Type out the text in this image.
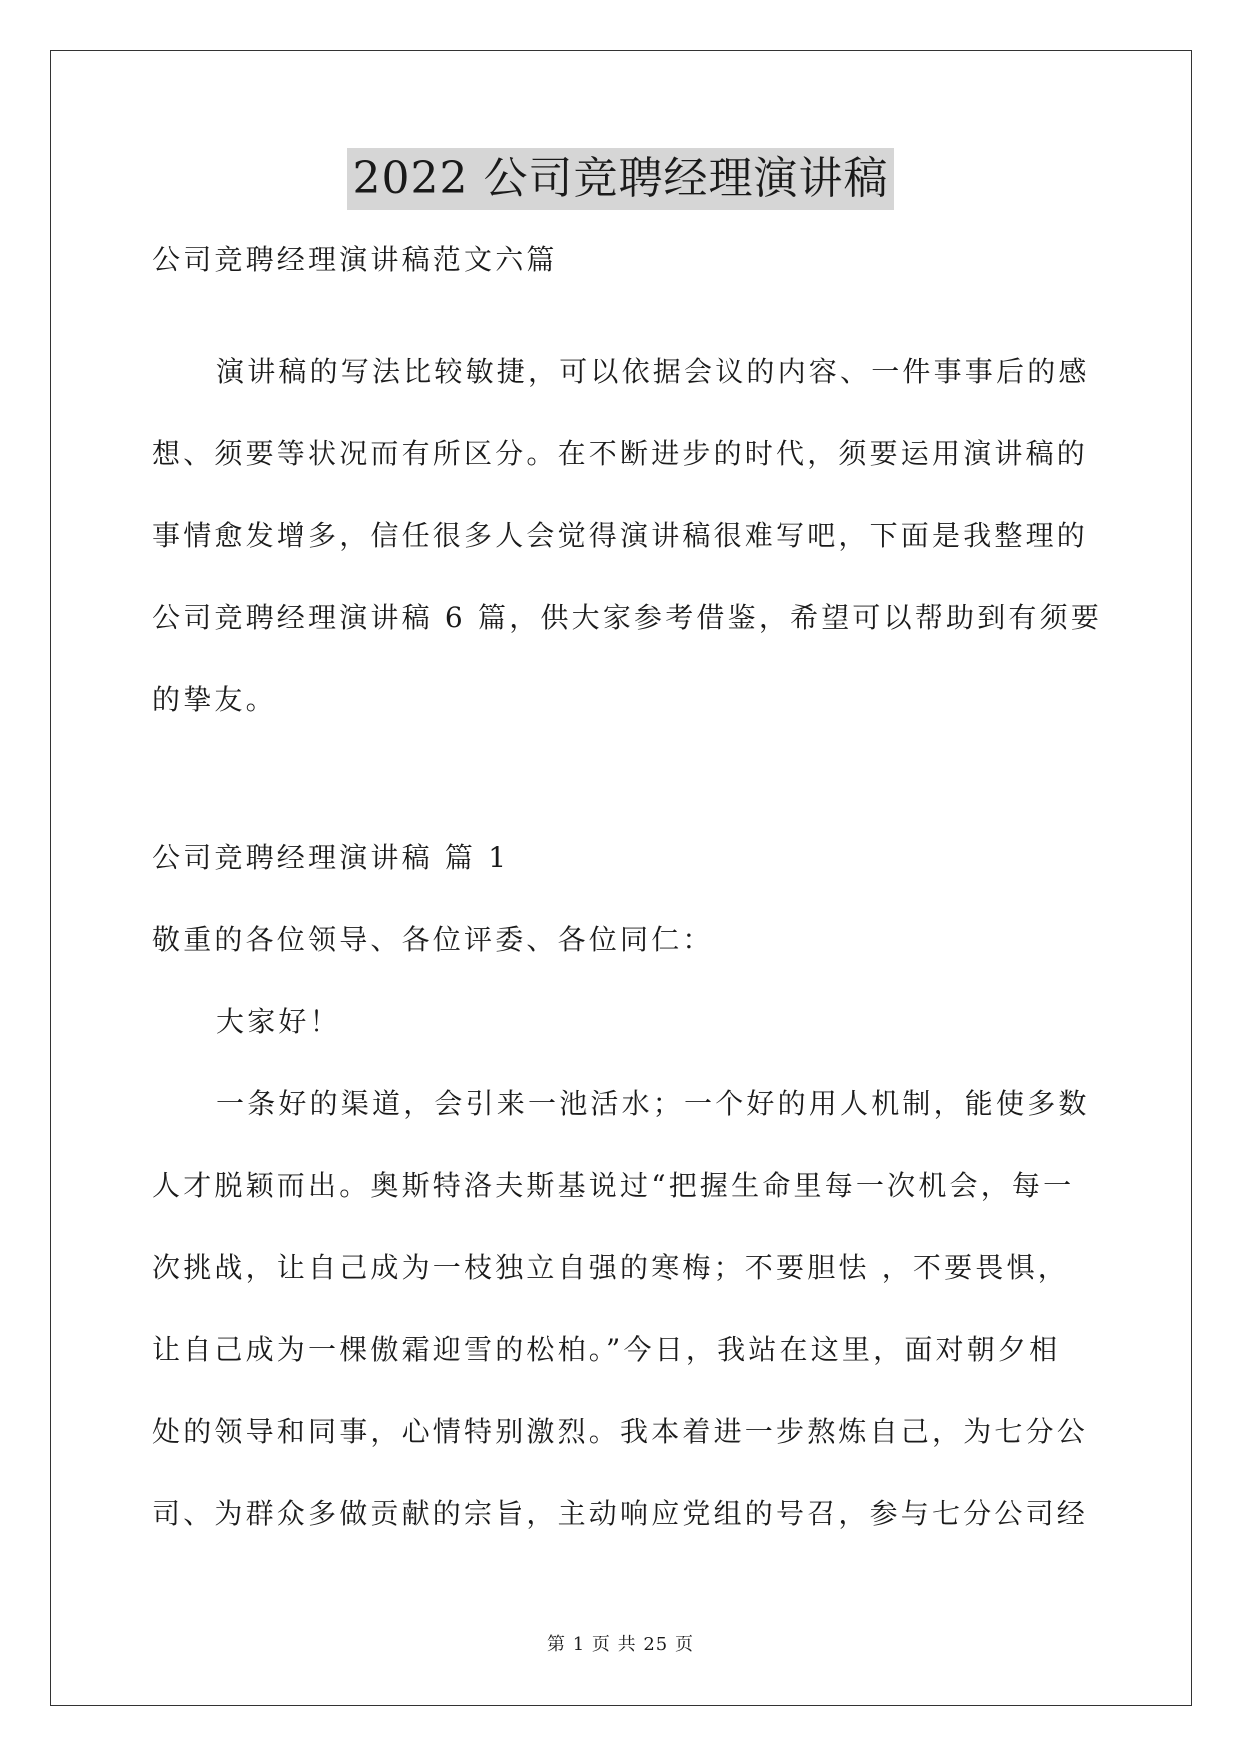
2022 公司竞聘经理演讲稿
公司竞聘经理演讲稿范文六篇
演讲稿的写法比较敏捷，可以依据会议的内容、一件事事后的感
想、须要等状况而有所区分。在不断进步的时代，须要运用演讲稿的
事情愈发增多，信任很多人会觉得演讲稿很难写吧，下面是我整理的
公司竞聘经理演讲稿 6 篇，供大家参考借鉴，希望可以帮助到有须要
的挚友。
公司竞聘经理演讲稿 篇 1
敬重的各位领导、各位评委、各位同仁：
大家好！
一条好的渠道，会引来一池活水；一个好的用人机制，能使多数
人才脱颖而出。奥斯特洛夫斯基说过“把握生命里每一次机会，每一
次挑战，让自己成为一枝独立自强的寒梅；不要胆怯 ，不要畏惧，
让自己成为一棵傲霜迎雪的松柏。”今日，我站在这里，面对朝夕相
处的领导和同事，心情特别激烈。我本着进一步熬炼自己，为七分公
司、为群众多做贡献的宗旨，主动响应党组的号召，参与七分公司经
第 1 页 共 25 页
